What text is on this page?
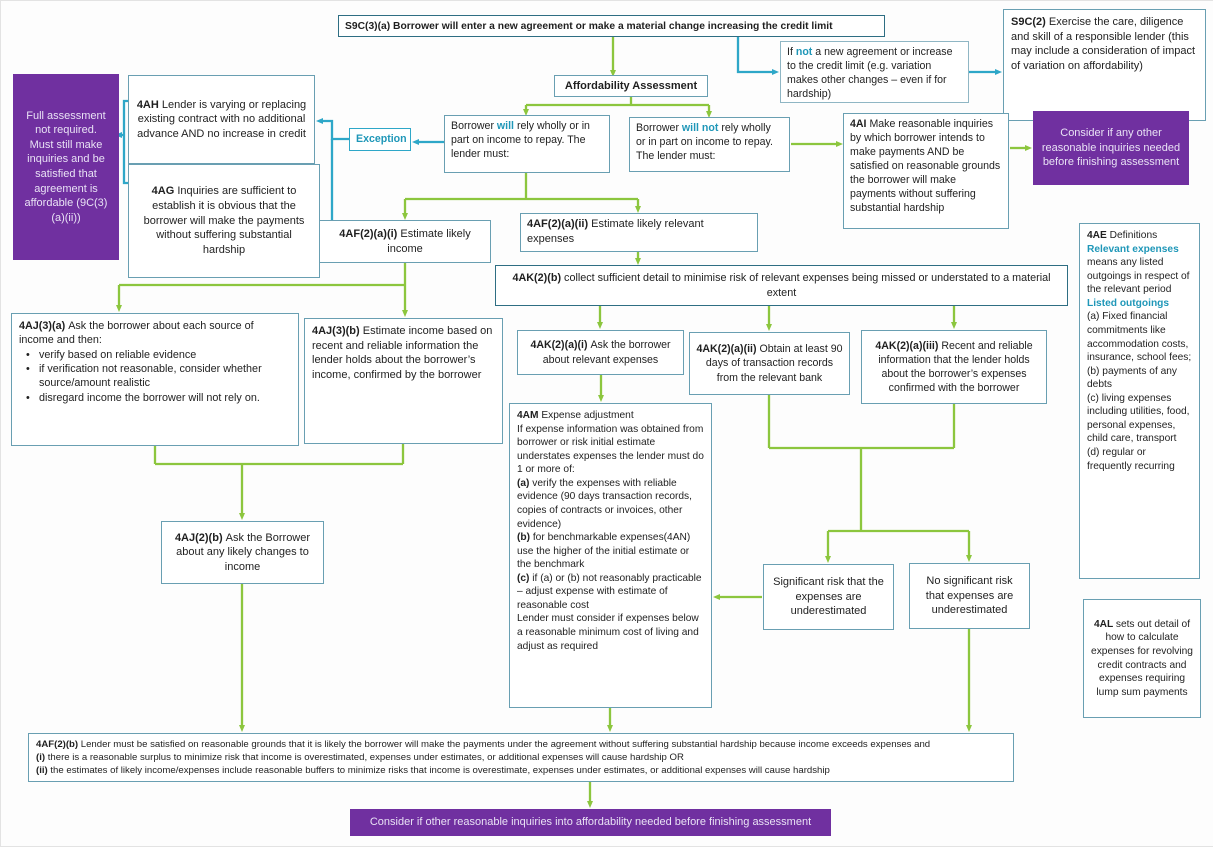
S9C(3)(a) Borrower will enter a new agreement or make a material change increasing the credit limit
If not a new agreement or increase to the credit limit (e.g. variation makes other changes – even if for hardship)
S9C(2) Exercise the care, diligence and skill of a responsible lender (this may include a consideration of impact of variation on affordability)
Affordability Assessment
Exception
Borrower will rely wholly or in part on income to repay. The lender must:
Borrower will not rely wholly or in part on income to repay. The lender must:
4AI Make reasonable inquiries by which borrower intends to make payments AND be satisfied on reasonable grounds the borrower will make payments without suffering substantial hardship
Consider if any other reasonable inquiries needed before finishing assessment
Full assessment not required.
Must still make inquiries and be satisfied that agreement is affordable (9C(3)(a)(ii))
4AH Lender is varying or replacing existing contract with no additional advance AND no increase in credit
4AG Inquiries are sufficient to establish it is obvious that the borrower will make the payments without suffering substantial hardship
4AF(2)(a)(i) Estimate likely income
4AF(2)(a)(ii) Estimate likely relevant expenses
4AK(2)(b) collect sufficient detail to minimise risk of relevant expenses being missed or understated to a material extent
4AJ(3)(a) Ask the borrower about each source of income and then:
• verify based on reliable evidence
• if verification not reasonable, consider whether source/amount realistic
• disregard income the borrower will not rely on.
4AJ(3)(b) Estimate income based on recent and reliable information the lender holds about the borrower’s income, confirmed by the borrower
4AK(2)(a)(i) Ask the borrower about relevant expenses
4AK(2)(a)(ii) Obtain at least 90 days of transaction records from the relevant bank
4AK(2)(a)(iii) Recent and reliable information that the lender holds about the borrower’s expenses confirmed with the borrower
4AM Expense adjustment
If expense information was obtained from borrower or risk initial estimate understates expenses the lender must do 1 or more of:
(a) verify the expenses with reliable evidence (90 days transaction records, copies of contracts or invoices, other evidence)
(b) for benchmarkable expenses(4AN) use the higher of the initial estimate or the benchmark
(c) if (a) or (b) not reasonably practicable – adjust expense with estimate of reasonable cost
Lender must consider if expenses below a reasonable minimum cost of living and adjust as required
4AE Definitions
Relevant expenses
means any listed outgoings in respect of the relevant period
Listed outgoings
(a) Fixed financial commitments like accommodation costs, insurance, school fees;
(b) payments of any debts
(c) living expenses including utilities, food, personal expenses, child care, transport
(d) regular or frequently recurring
4AL sets out detail of how to calculate expenses for revolving credit contracts and expenses requiring lump sum payments
Significant risk that the expenses are underestimated
No significant risk that expenses are underestimated
4AJ(2)(b) Ask the Borrower about any likely changes to income
4AF(2)(b) Lender must be satisfied on reasonable grounds that it is likely the borrower will make the payments under the agreement without suffering substantial hardship because income exceeds expenses and
(i) there is a reasonable surplus to minimize risk that income is overestimated, expenses under estimates, or additional expenses will cause hardship OR
(ii) the estimates of likely income/expenses include reasonable buffers to minimize risks that income is overestimate, expenses under estimates, or additional expenses will cause hardship
Consider if other reasonable inquiries into affordability needed before finishing assessment
